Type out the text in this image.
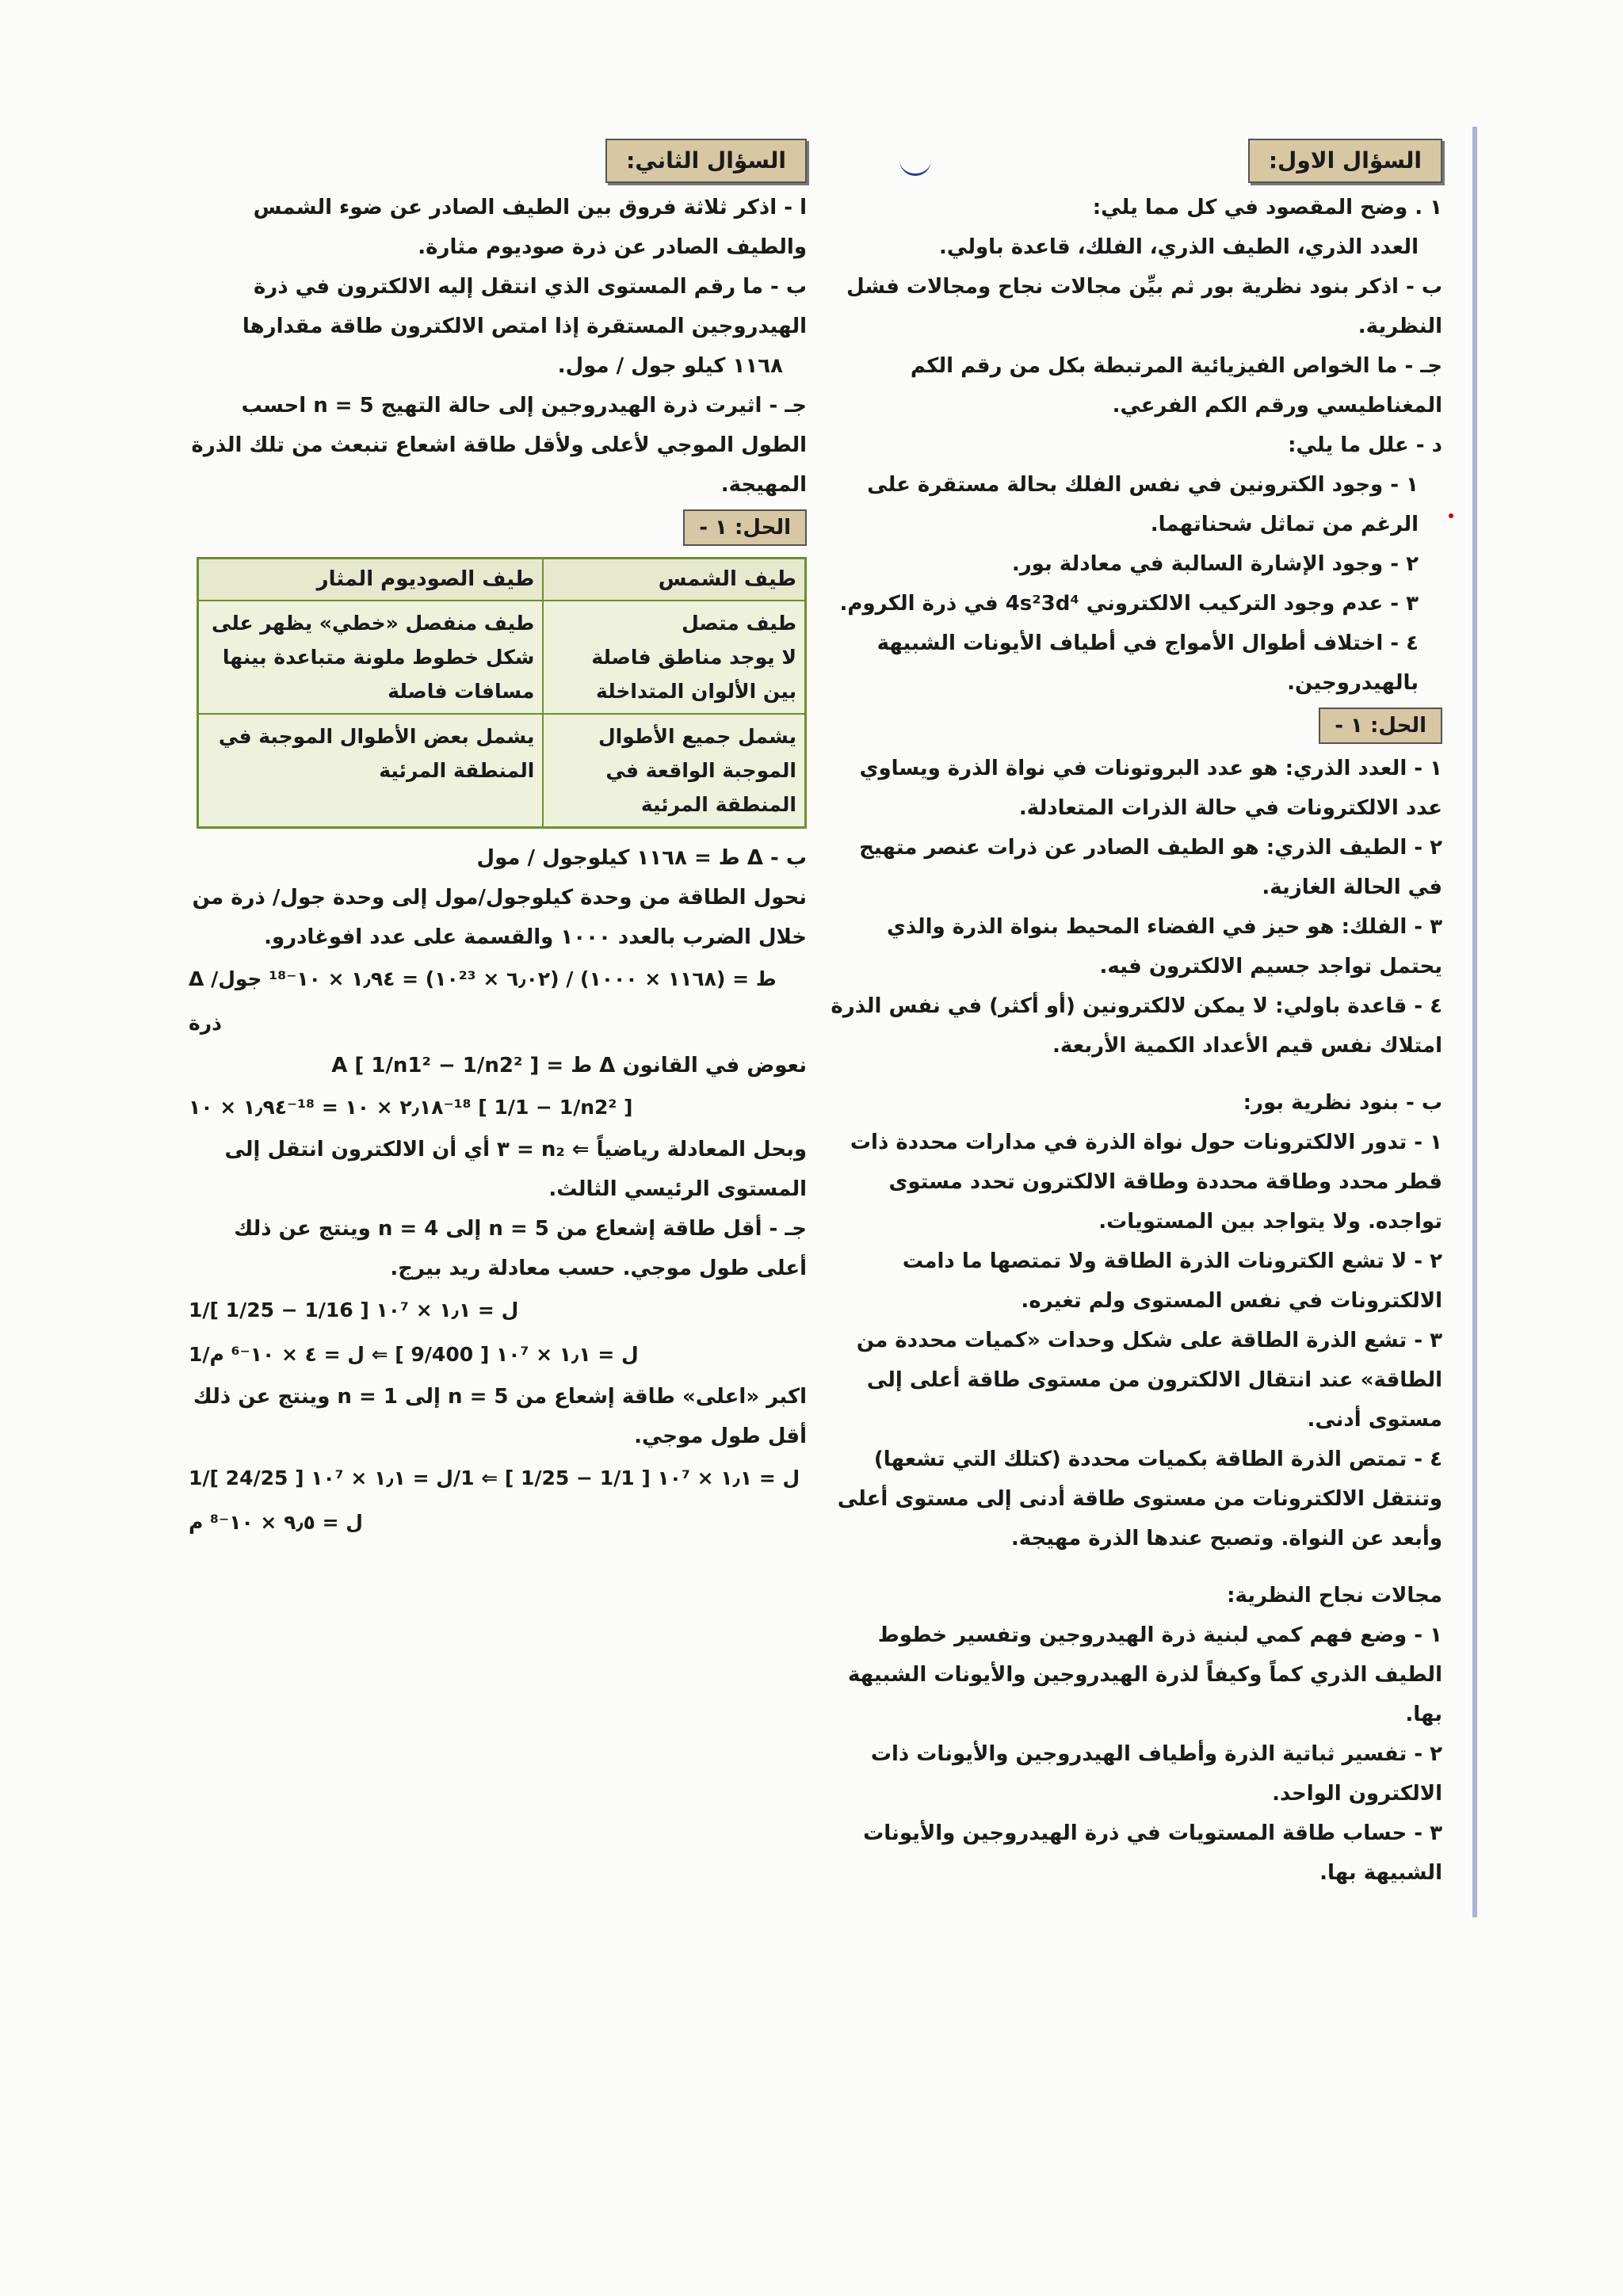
السؤال الاول:

١ . وضح المقصود في كل مما يلي:

العدد الذري، الطيف الذري، الفلك، قاعدة باولي.

ب - اذكر بنود نظرية بور ثم بيِّن مجالات نجاح ومجالات فشل النظرية.

جـ - ما الخواص الفيزيائية المرتبطة بكل من رقم الكم المغناطيسي ورقم الكم الفرعي.

د - علل ما يلي:

١ - وجود الكترونين في نفس الفلك بحالة مستقرة على الرغم من تماثل شحناتهما.

٢ - وجود الإشارة السالبة في معادلة بور.

٣ - عدم وجود التركيب الالكتروني 4s²3d⁴ في ذرة الكروم.

٤ - اختلاف أطوال الأمواج في أطياف الأيونات الشبيهة بالهيدروجين.

الحل: ١ -

١ - العدد الذري: هو عدد البروتونات في نواة الذرة ويساوي عدد الالكترونات في حالة الذرات المتعادلة.

٢ - الطيف الذري: هو الطيف الصادر عن ذرات عنصر متهيج في الحالة الغازية.

٣ - الفلك: هو حيز في الفضاء المحيط بنواة الذرة والذي يحتمل تواجد جسيم الالكترون فيه.

٤ - قاعدة باولي: لا يمكن لالكترونين (أو أكثر) في نفس الذرة امتلاك نفس قيم الأعداد الكمية الأربعة.

ب - بنود نظرية بور:

١ - تدور الالكترونات حول نواة الذرة في مدارات محددة ذات قطر محدد وطاقة محددة وطاقة الالكترون تحدد مستوى تواجده. ولا يتواجد بين المستويات.

٢ - لا تشع الكترونات الذرة الطاقة ولا تمتصها ما دامت الالكترونات في نفس المستوى ولم تغيره.

٣ - تشع الذرة الطاقة على شكل وحدات «كميات محددة من الطاقة» عند انتقال الالكترون من مستوى طاقة أعلى إلى مستوى أدنى.

٤ - تمتص الذرة الطاقة بكميات محددة (كتلك التي تشعها) وتنتقل الالكترونات من مستوى طاقة أدنى إلى مستوى أعلى وأبعد عن النواة. وتصبح عندها الذرة مهيجة.

مجالات نجاح النظرية:

١ - وضع فهم كمي لبنية ذرة الهيدروجين وتفسير خطوط الطيف الذري كماً وكيفاً لذرة الهيدروجين والأيونات الشبيهة بها.

٢ - تفسير ثباتية الذرة وأطياف الهيدروجين والأيونات ذات الالكترون الواحد.

٣ - حساب طاقة المستويات في ذرة الهيدروجين والأيونات الشبيهة بها.

السؤال الثاني:

ا - اذكر ثلاثة فروق بين الطيف الصادر عن ضوء الشمس والطيف الصادر عن ذرة صوديوم مثارة.

ب - ما رقم المستوى الذي انتقل إليه الالكترون في ذرة الهيدروجين المستقرة إذا امتص الالكترون طاقة مقدارها

١١٦٨ كيلو جول / مول.

جـ - اثيرت ذرة الهيدروجين إلى حالة التهيج n = 5 احسب الطول الموجي لأعلى ولأقل طاقة اشعاع تنبعث من تلك الذرة المهيجة.

الحل: ١ -
طيف الشمس	طيف الصوديوم المثار
طيف متصل
لا يوجد مناطق فاصلة بين الألوان المتداخلة	طيف منفصل «خطي» يظهر على شكل خطوط ملونة متباعدة بينها مسافات فاصلة
يشمل جميع الأطوال الموجبة الواقعة في المنطقة المرئية	يشمل بعض الأطوال الموجبة في المنطقة المرئية

ب - Δ ط = ١١٦٨ كيلوجول / مول

نحول الطاقة من وحدة كيلوجول/مول إلى وحدة جول/ ذرة من خلال الضرب بالعدد ١٠٠٠ والقسمة على عدد افوغادرو.

Δ ط = (١١٦٨ × ١٠٠٠) / (٦٫٠٢ × ١٠²³) = ١٫٩٤ × ١٠⁻¹⁸ جول/ذرة

نعوض في القانون Δ ط = A [ 1/n1² − 1/n2² ]

١٫٩٤ × ١٠⁻¹⁸ = ٢٫١٨ × ١٠⁻¹⁸ [ 1/1 − 1/n2² ]

وبحل المعادلة رياضياً ⇐ n₂ = ٣ أي أن الالكترون انتقل إلى المستوى الرئيسي الثالث.

جـ - أقل طاقة إشعاع من n = 5 إلى n = 4 وينتج عن ذلك أعلى طول موجي. حسب معادلة ريد بيرج.

1/ل = ١٫١ × ١٠⁷ [ 1/16 − 1/25 ]

1/ل = ١٫١ × ١٠⁷ [ 9/400 ] ⇐ ل = ٤ × ١٠⁻⁶ م

اكبر «اعلى» طاقة إشعاع من n = 5 إلى n = 1 وينتج عن ذلك أقل طول موجي.

1/ل = ١٫١ × ١٠⁷ [ 1/1 − 1/25 ] ⇐ 1/ل = ١٫١ × ١٠⁷ [ 24/25 ]

ل = ٩٫٥ × ١٠⁻⁸ م
